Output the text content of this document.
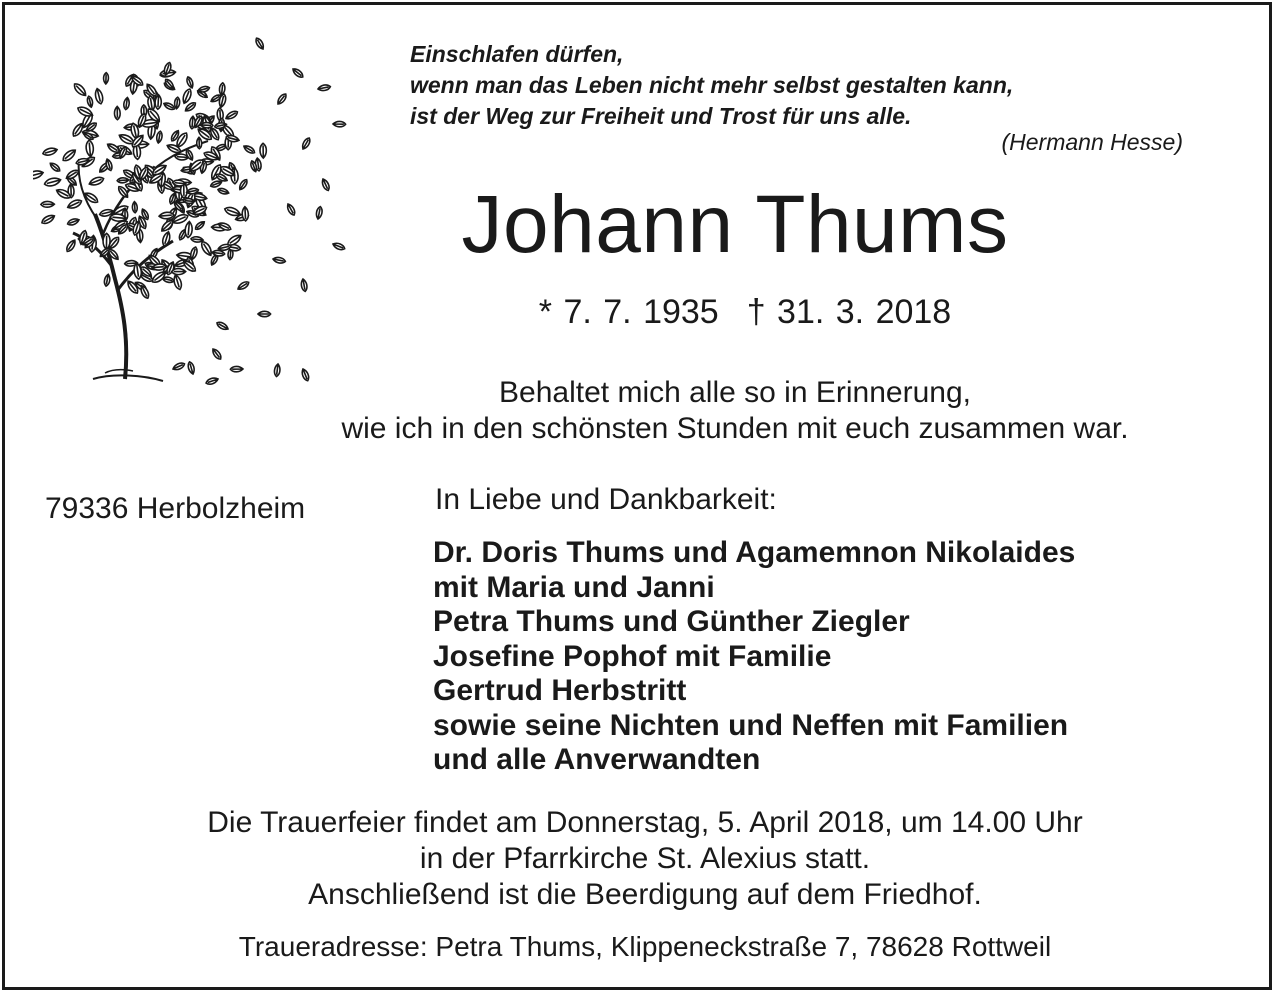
Einschlafen dürfen,
wenn man das Leben nicht mehr selbst gestalten kann,
ist der Weg zur Freiheit und Trost für uns alle.
(Hermann Hesse)
Johann Thums
* 7. 7. 1935 † 31. 3. 2018
Behaltet mich alle so in Erinnerung,
wie ich in den schönsten Stunden mit euch zusammen war.
79336 Herbolzheim	In Liebe und Dankbarkeit:
Dr. Doris Thums und Agamemnon Nikolaides
mit Maria und Janni
Petra Thums und Günther Ziegler
Josefine Pophof mit Familie
Gertrud Herbstritt
sowie seine Nichten und Neffen mit Familien
und alle Anverwandten
Die Trauerfeier findet am Donnerstag, 5. April 2018, um 14.00 Uhr
in der Pfarrkirche St. Alexius statt.
Anschließend ist die Beerdigung auf dem Friedhof.
Traueradresse: Petra Thums, Klippeneckstraße 7, 78628 Rottweil
